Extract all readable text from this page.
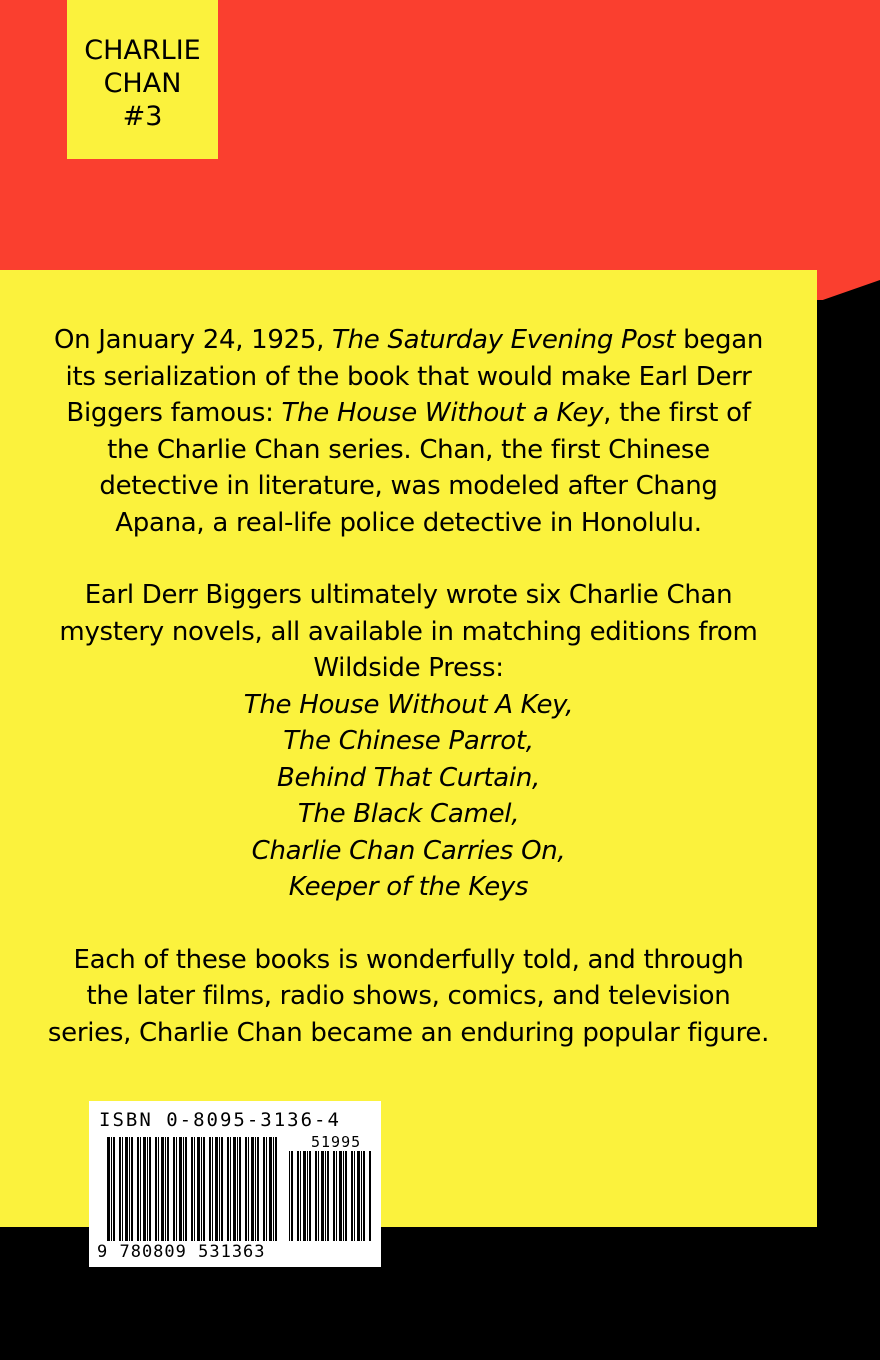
CHARLIE
CHAN
#3

On January 24, 1925, The Saturday Evening Post began
its serialization of the book that would make Earl Derr
Biggers famous: The House Without a Key, the first of
the Charlie Chan series. Chan, the first Chinese
detective in literature, was modeled after Chang
Apana, a real-life police detective in Honolulu.

Earl Derr Biggers ultimately wrote six Charlie Chan
mystery novels, all available in matching editions from
Wildside Press:
The House Without A Key,
The Chinese Parrot,
Behind That Curtain,
The Black Camel,
Charlie Chan Carries On,
Keeper of the Keys

Each of these books is wonderfully told, and through
the later films, radio shows, comics, and television
series, Charlie Chan became an enduring popular figure.

ISBN 0-8095-3136-4
51995
9 780809 531363
